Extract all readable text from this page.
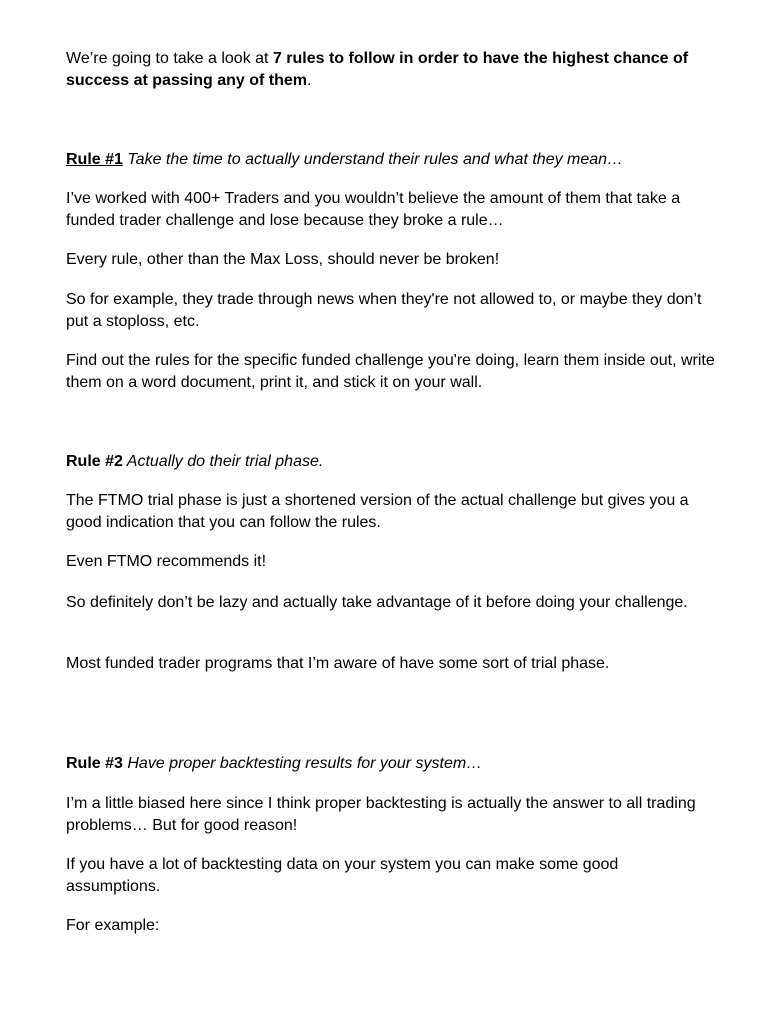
We’re going to take a look at 7 rules to follow in order to have the highest chance of success at passing any of them.

Rule #1 Take the time to actually understand their rules and what they mean…

I’ve worked with 400+ Traders and you wouldn’t believe the amount of them that take a funded trader challenge and lose because they broke a rule…

Every rule, other than the Max Loss, should never be broken!

So for example, they trade through news when they're not allowed to, or maybe they don’t put a stoploss, etc.

Find out the rules for the specific funded challenge you're doing, learn them inside out, write them on a word document, print it, and stick it on your wall.

Rule #2 Actually do their trial phase.

The FTMO trial phase is just a shortened version of the actual challenge but gives you a good indication that you can follow the rules.

Even FTMO recommends it!

So definitely don’t be lazy and actually take advantage of it before doing your challenge.

Most funded trader programs that I’m aware of have some sort of trial phase.

Rule #3 Have proper backtesting results for your system…

I’m a little biased here since I think proper backtesting is actually the answer to all trading problems… But for good reason!

If you have a lot of backtesting data on your system you can make some good assumptions.

For example:
